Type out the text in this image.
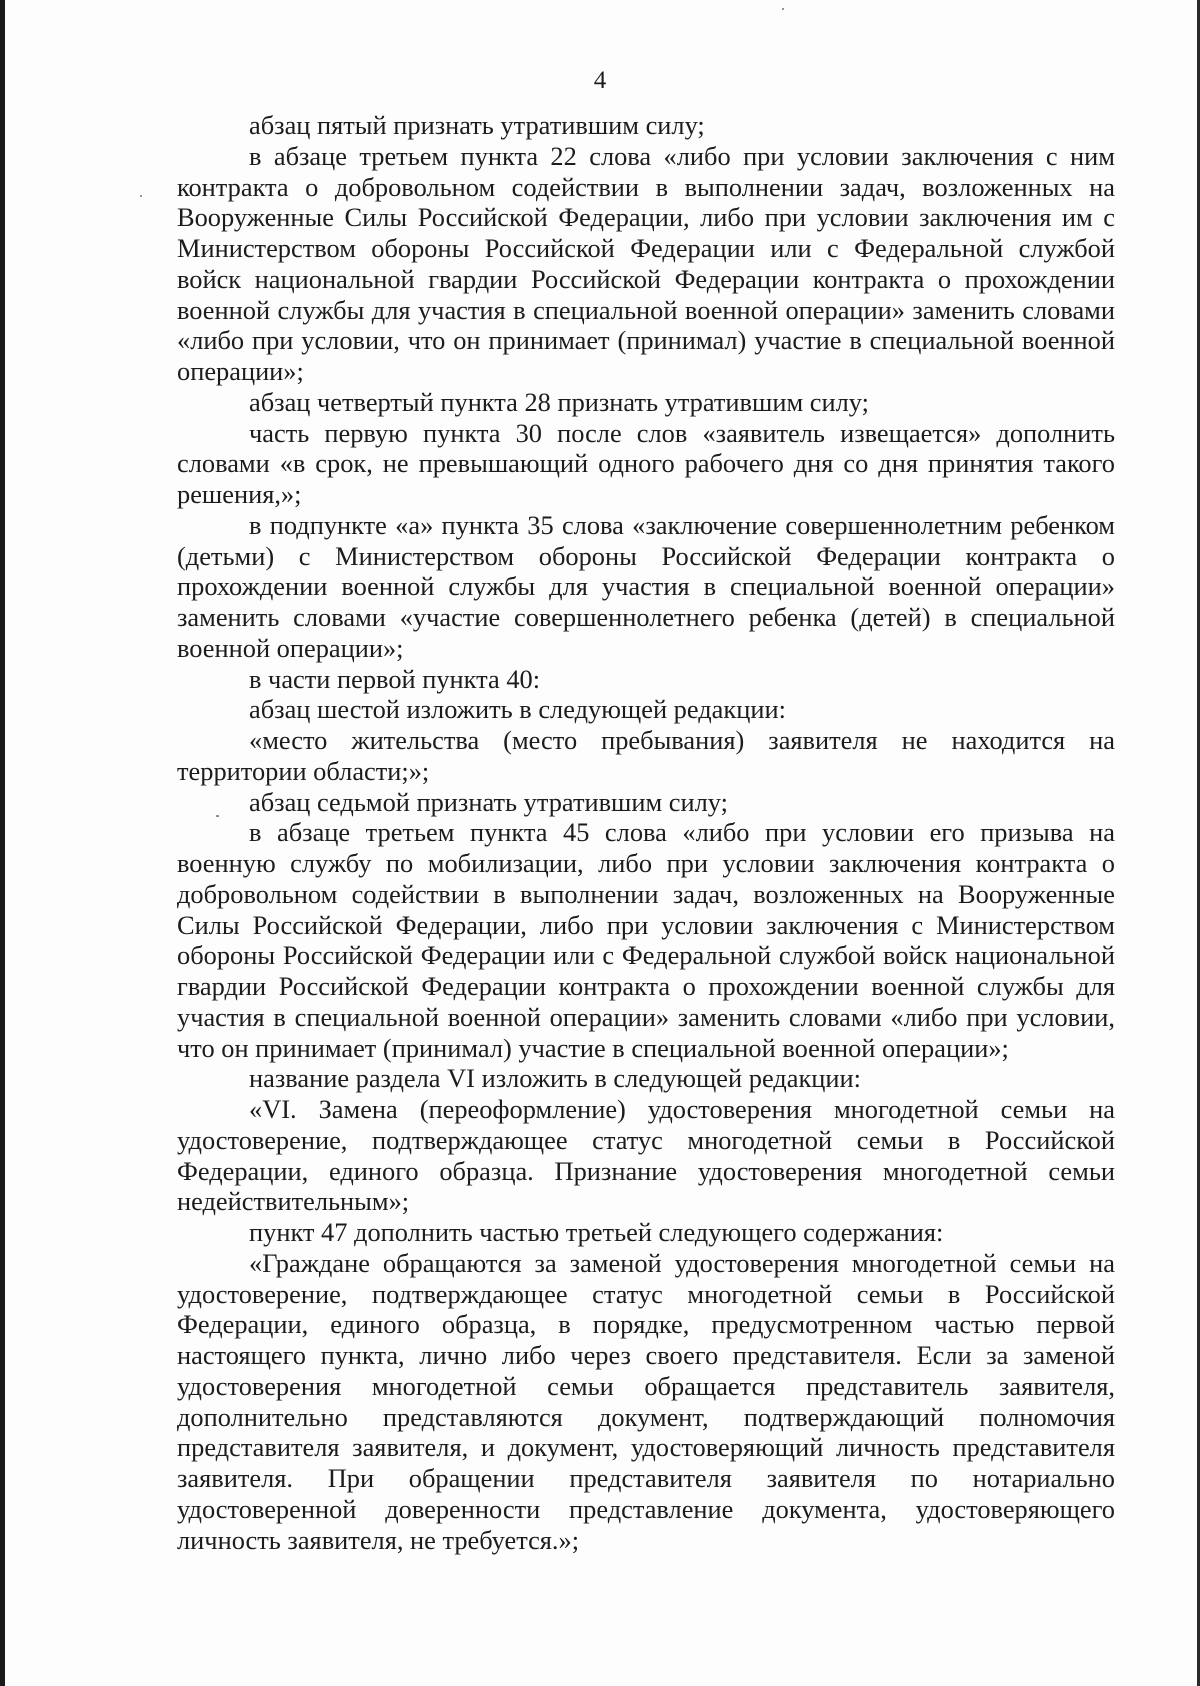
4

абзац пятый признать утратившим силу;

в абзаце третьем пункта 22 слова «либо при условии заключения с ним контракта о добровольном содействии в выполнении задач, возложенных на Вооруженные Силы Российской Федерации, либо при условии заключения им с Министерством обороны Российской Федерации или с Федеральной службой войск национальной гвардии Российской Федерации контракта о прохождении военной службы для участия в специальной военной операции» заменить словами «либо при условии, что он принимает (принимал) участие в специальной военной операции»;

абзац четвертый пункта 28 признать утратившим силу;

часть первую пункта 30 после слов «заявитель извещается» дополнить словами «в срок, не превышающий одного рабочего дня со дня принятия такого решения,»;

в подпункте «а» пункта 35 слова «заключение совершеннолетним ребенком (детьми) с Министерством обороны Российской Федерации контракта о прохождении военной службы для участия в специальной военной операции» заменить словами «участие совершеннолетнего ребенка (детей) в специальной военной операции»;

в части первой пункта 40:

абзац шестой изложить в следующей редакции:

«место жительства (место пребывания) заявителя не находится на территории области;»;

абзац седьмой признать утратившим силу;

в абзаце третьем пункта 45 слова «либо при условии его призыва на военную службу по мобилизации, либо при условии заключения контракта о добровольном содействии в выполнении задач, возложенных на Вооруженные Силы Российской Федерации, либо при условии заключения с Министерством обороны Российской Федерации или с Федеральной службой войск национальной гвардии Российской Федерации контракта о прохождении военной службы для участия в специальной военной операции» заменить словами «либо при условии, что он принимает (принимал) участие в специальной военной операции»;

название раздела VI изложить в следующей редакции:

«VI. Замена (переоформление) удостоверения многодетной семьи на удостоверение, подтверждающее статус многодетной семьи в Российской Федерации, единого образца. Признание удостоверения многодетной семьи недействительным»;

пункт 47 дополнить частью третьей следующего содержания:

«Граждане обращаются за заменой удостоверения многодетной семьи на удостоверение, подтверждающее статус многодетной семьи в Российской Федерации, единого образца, в порядке, предусмотренном частью первой настоящего пункта, лично либо через своего представителя. Если за заменой удостоверения многодетной семьи обращается представитель заявителя, дополнительно представляются документ, подтверждающий полномочия представителя заявителя, и документ, удостоверяющий личность представителя заявителя. При обращении представителя заявителя по нотариально удостоверенной доверенности представление документа, удостоверяющего личность заявителя, не требуется.»;
